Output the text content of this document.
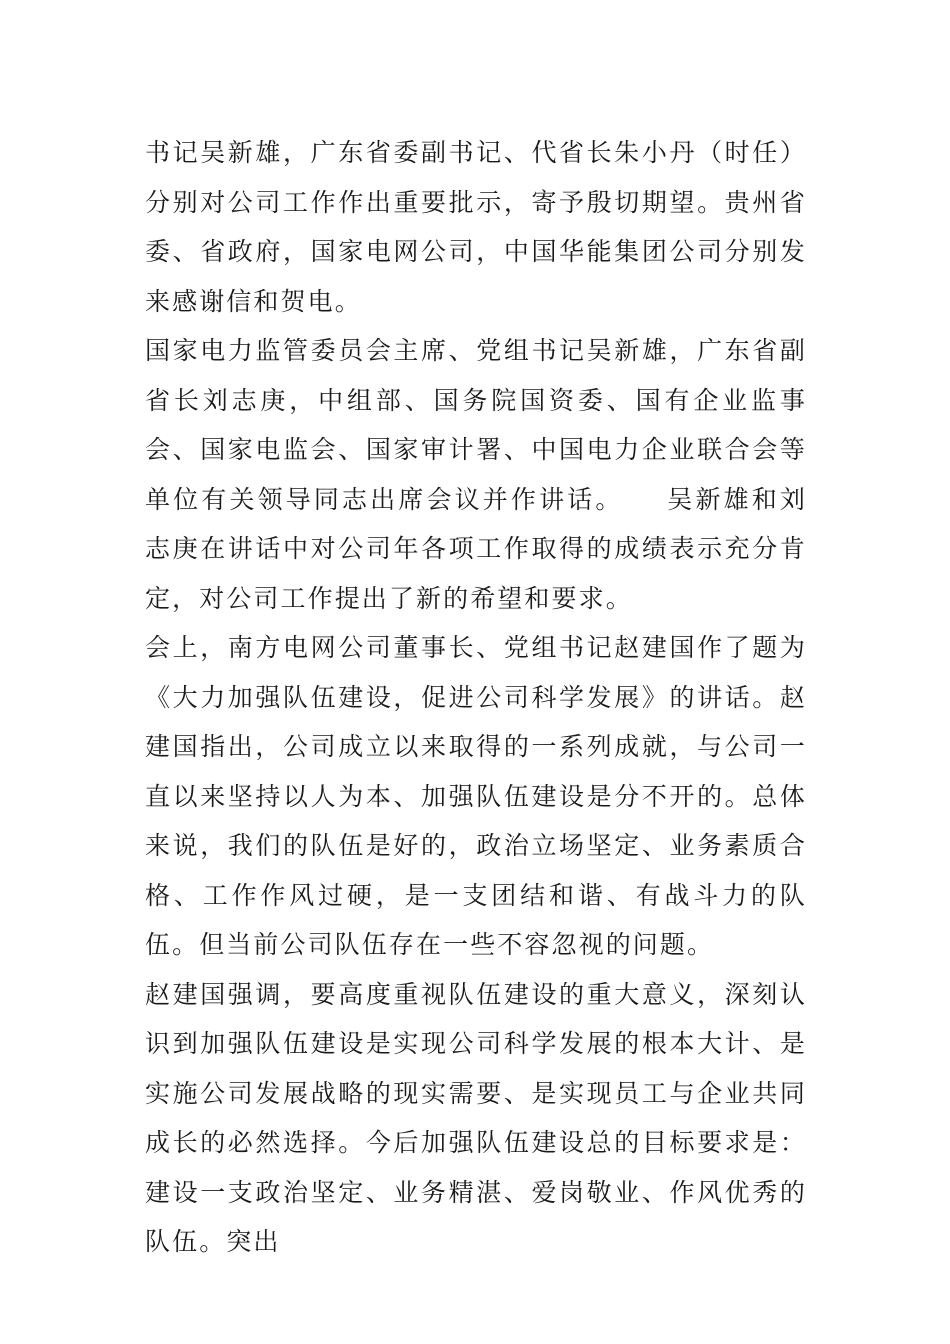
书记吴新雄，广东省委副书记、代省长朱小丹（时任）分别对公司工作作出重要批示，寄予殷切期望。贵州省委、省政府，国家电网公司，中国华能集团公司分别发来感谢信和贺电。

国家电力监管委员会主席、党组书记吴新雄，广东省副省长刘志庚，中组部、国务院国资委、国有企业监事会、国家电监会、国家审计署、中国电力企业联合会等单位有关领导同志出席会议并作讲话。　　吴新雄和刘志庚在讲话中对公司年各项工作取得的成绩表示充分肯定，对公司工作提出了新的希望和要求。

会上，南方电网公司董事长、党组书记赵建国作了题为《大力加强队伍建设，促进公司科学发展》的讲话。赵建国指出，公司成立以来取得的一系列成就，与公司一直以来坚持以人为本、加强队伍建设是分不开的。总体来说，我们的队伍是好的，政治立场坚定、业务素质合格、工作作风过硬，是一支团结和谐、有战斗力的队伍。但当前公司队伍存在一些不容忽视的问题。

赵建国强调，要高度重视队伍建设的重大意义，深刻认识到加强队伍建设是实现公司科学发展的根本大计、是实施公司发展战略的现实需要、是实现员工与企业共同成长的必然选择。今后加强队伍建设总的目标要求是：建设一支政治坚定、业务精湛、爱岗敬业、作风优秀的队伍。突出
